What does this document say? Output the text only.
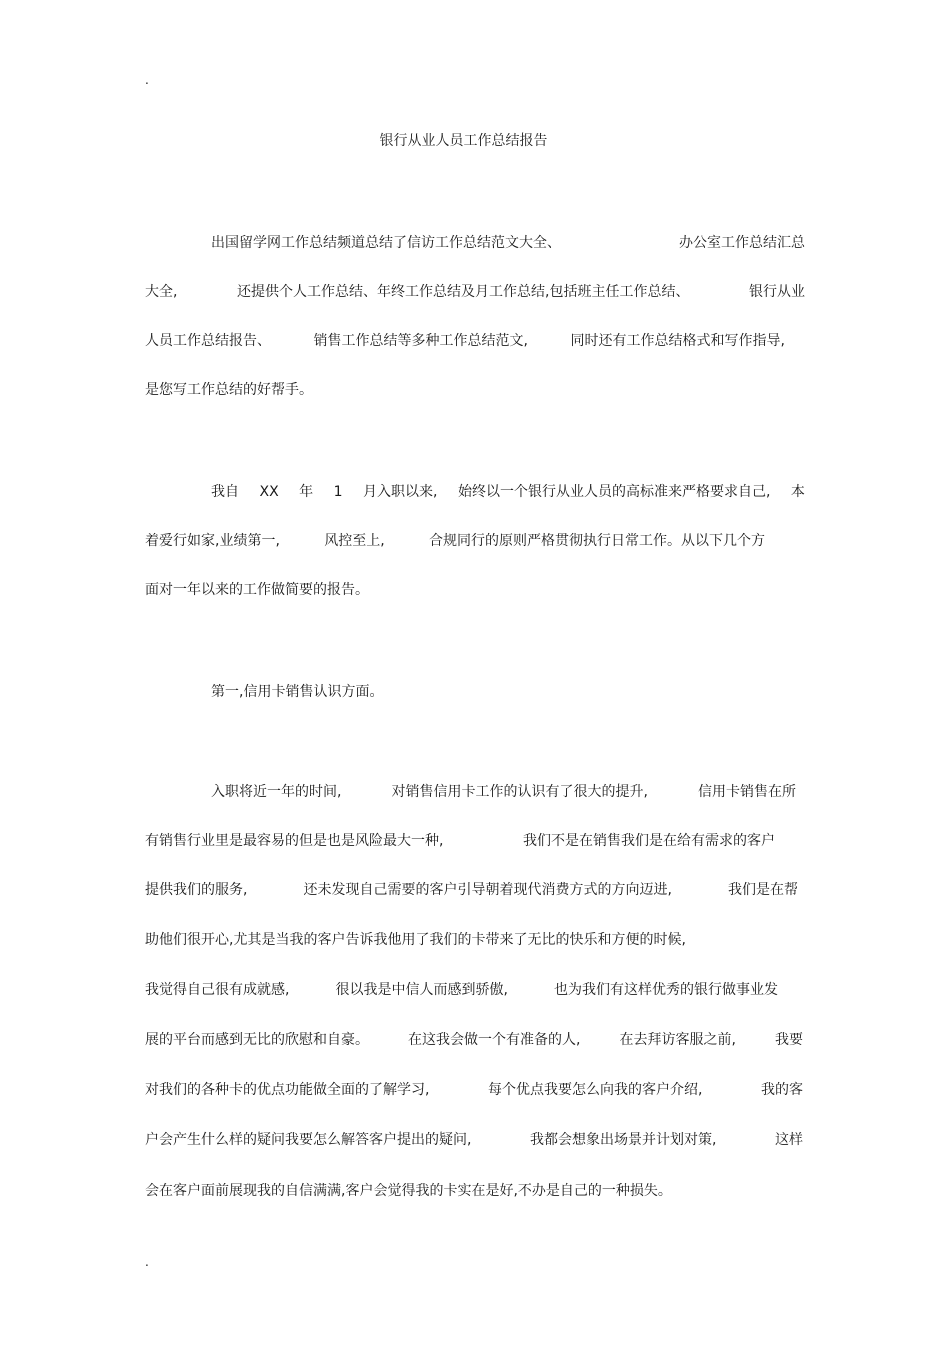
.
银行从业人员工作总结报告
出国留学网工作总结频道总结了信访工作总结范文大全、	办公室工作总结汇总
大全,	还提供个人工作总结、年终工作总结及月工作总结,包括班主任工作总结、	银行从业
人员工作总结报告、	销售工作总结等多种工作总结范文,	同时还有工作总结格式和写作指导,
是您写工作总结的好帮手。
我自 XX 年 1 月入职以来, 始终以一个银行从业人员的高标准来严格要求自己, 本
着爱行如家,业绩第一,	风控至上,	合规同行的原则严格贯彻执行日常工作。从以下几个方
面对一年以来的工作做简要的报告。
第一,信用卡销售认识方面。
入职将近一年的时间,	对销售信用卡工作的认识有了很大的提升,	信用卡销售在所
有销售行业里是最容易的但是也是风险最大一种,	我们不是在销售我们是在给有需求的客户
提供我们的服务,	还未发现自己需要的客户引导朝着现代消费方式的方向迈进,	我们是在帮
助他们很开心,尤其是当我的客户告诉我他用了我们的卡带来了无比的快乐和方便的时候,
我觉得自己很有成就感,	很以我是中信人而感到骄傲,	也为我们有这样优秀的银行做事业发
展的平台而感到无比的欣慰和自豪。	在这我会做一个有准备的人,	在去拜访客服之前,	我要
对我们的各种卡的优点功能做全面的了解学习,	每个优点我要怎么向我的客户介绍,	我的客
户会产生什么样的疑问我要怎么解答客户提出的疑问,	我都会想象出场景并计划对策,	这样
会在客户面前展现我的自信满满,客户会觉得我的卡实在是好,不办是自己的一种损失。
.
